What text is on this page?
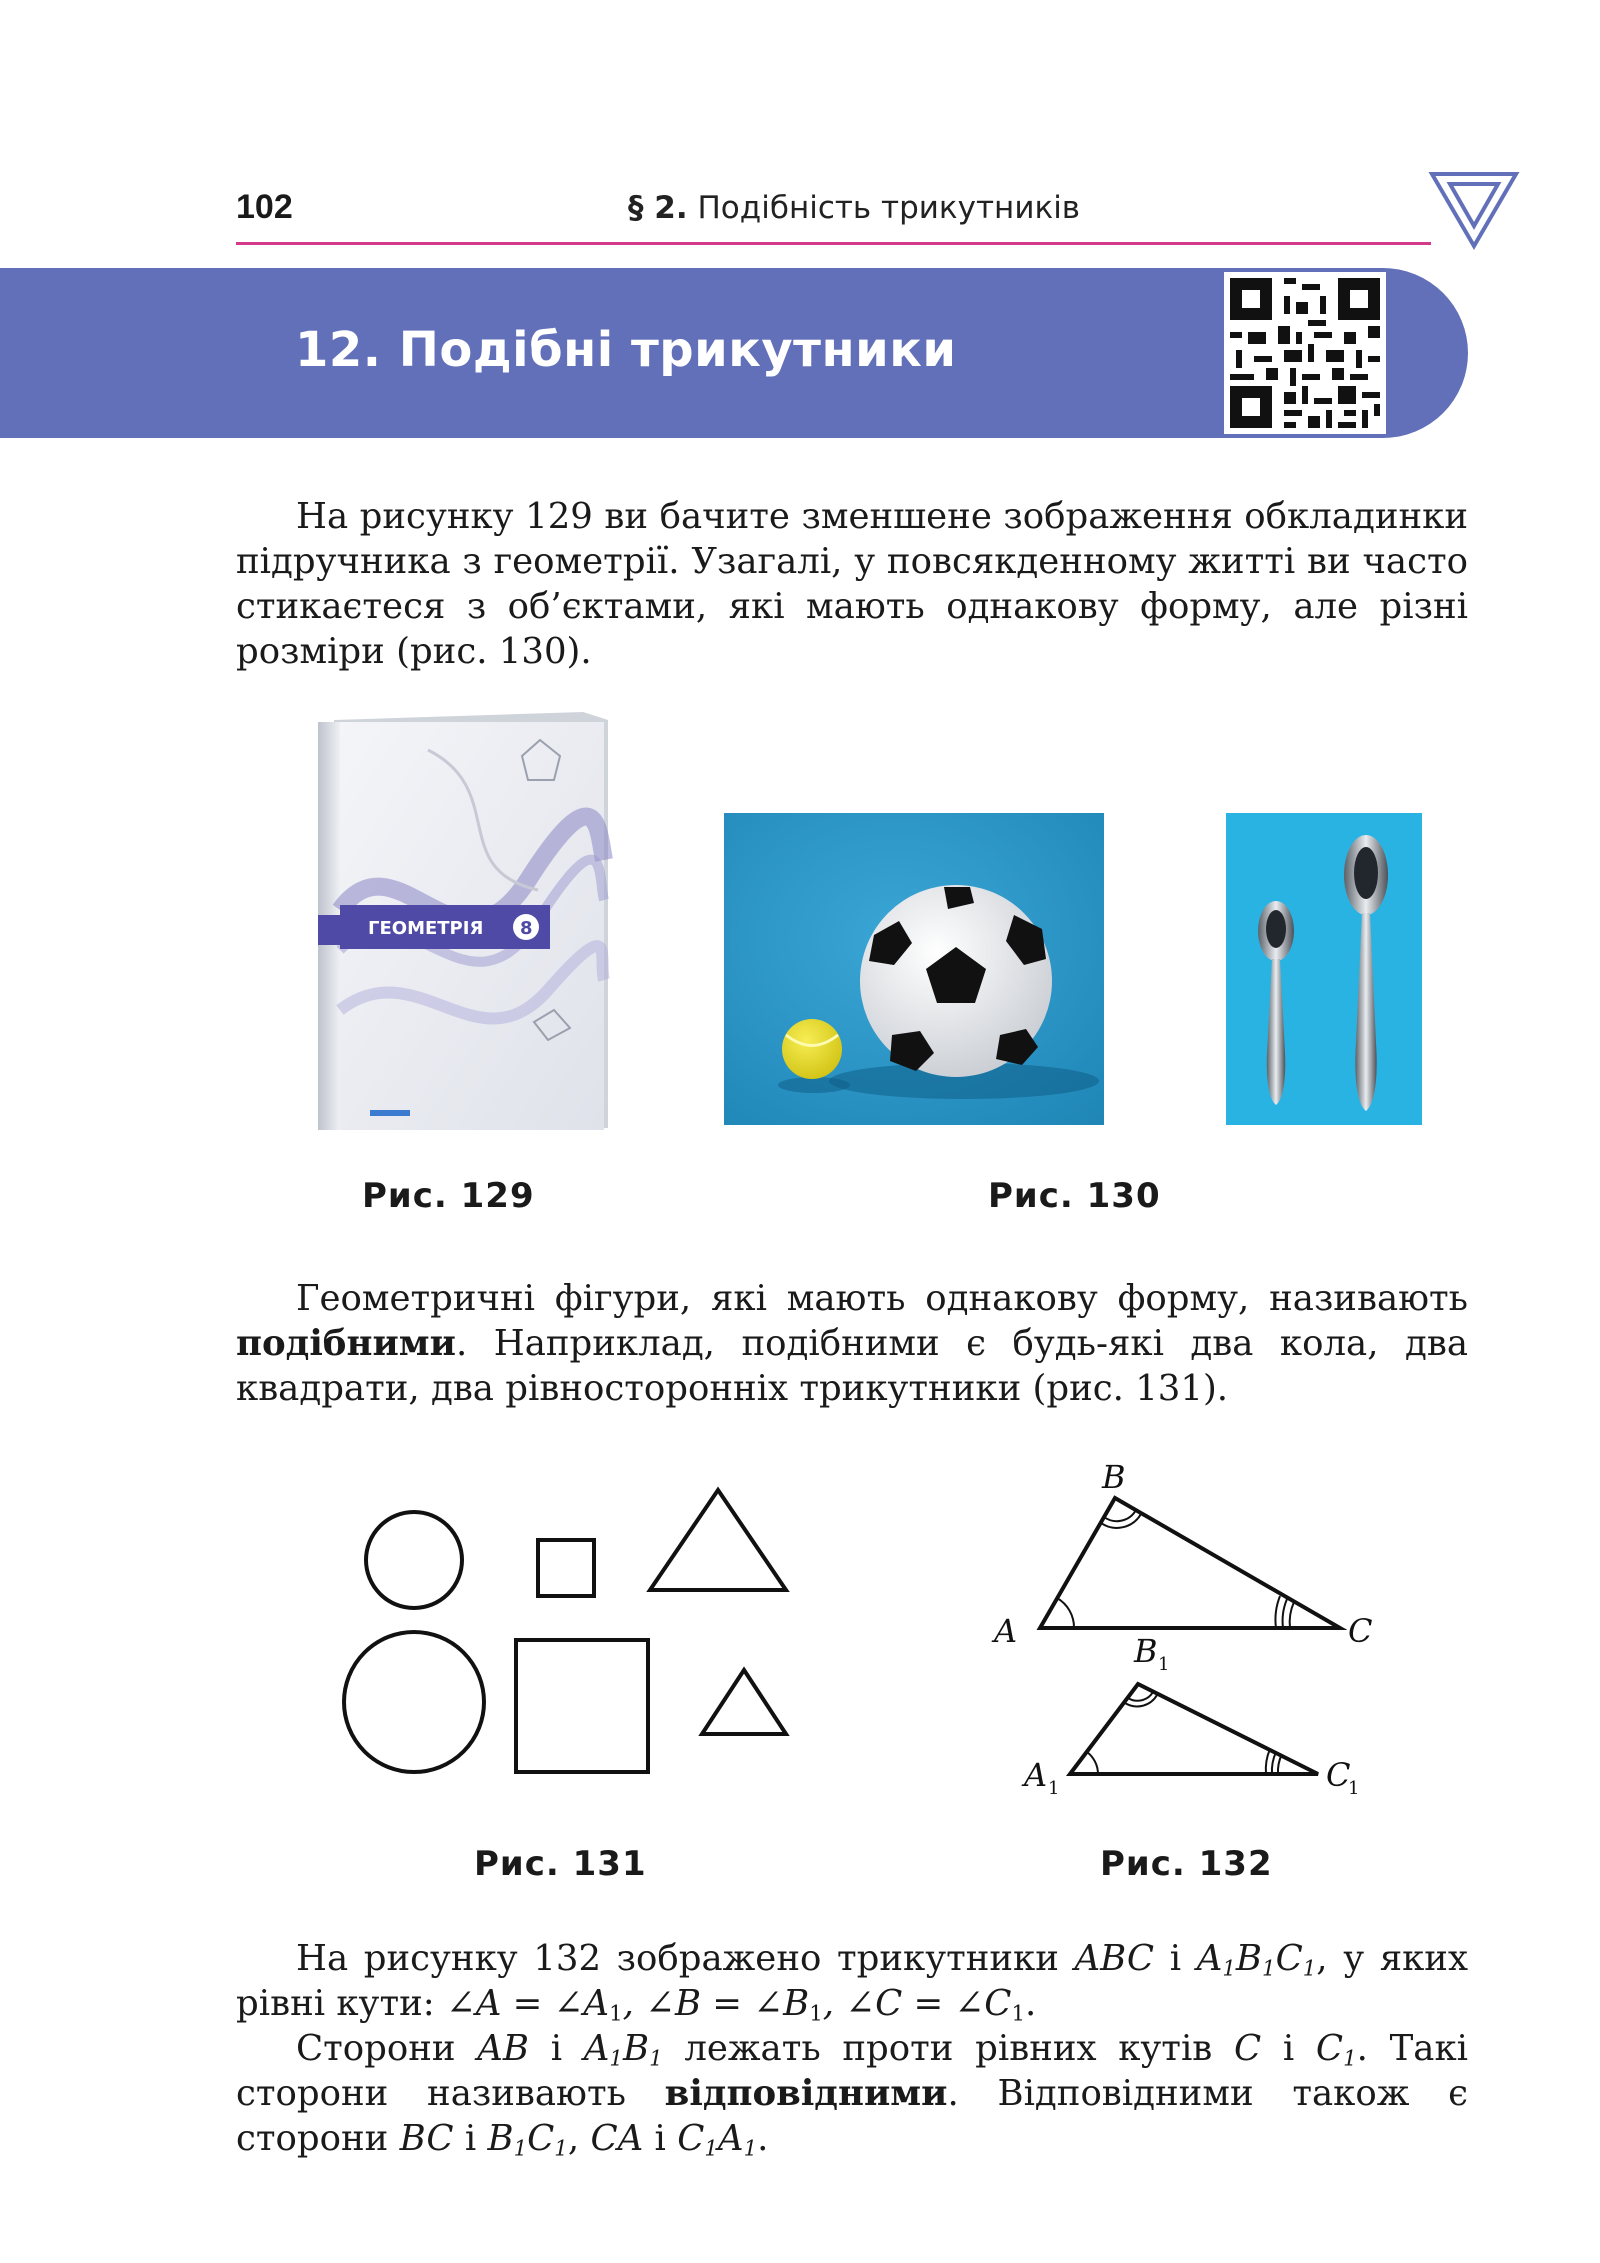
102	§ 2. Подібність трикутників
12. Подібні трикутники

На рисунку 129 ви бачите зменшене зображення обкладинки підручника з геометрії. Узагалі, у повсякденному житті ви часто стикаєтеся з об’єктами, які мають однакову форму, але різні розміри (рис. 130).

ГЕОМЕТРІЯ 8
Рис. 129	Рис. 130

Геометричні фігури, які мають однакову форму, називають подібними. Наприклад, подібними є будь-які два кола, два квадрати, два рівносторонніх трикутники (рис. 131).

B
A	C
B
A	C
1
1	1
Рис. 131	Рис. 132

На рисунку 132 зображено трикутники ABC і $A_1B_1C_1$, у яких рівні кути: ∠A = $\angle A_1$, ∠B = $\angle B_1$, ∠C = $\angle C_1$.

Сторони AB і $A_1B_1$ лежать проти рівних кутів C і $C_1$. Такі сторони називають відповідними. Відповідними також є сторони BC і $B_1C_1$, CA і $C_1A_1$.
